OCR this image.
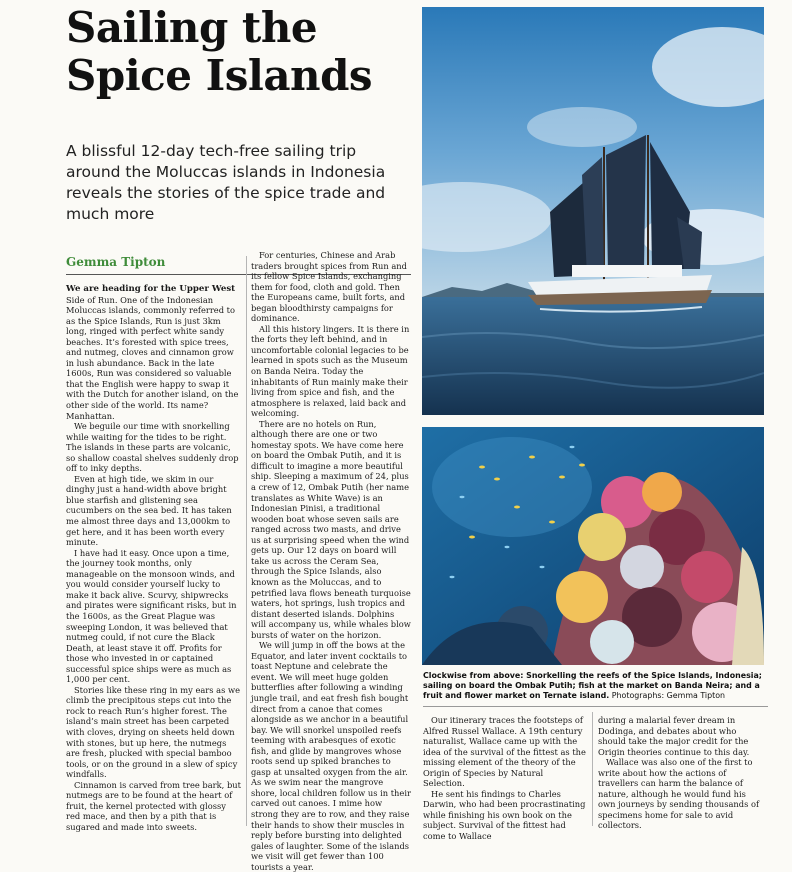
Sailing the
Spice Islands
A blissful 12-day tech-free sailing trip around the Moluccas islands in Indonesia reveals the stories of the spice trade and much more
Gemma Tipton
Clockwise from above: Snorkelling the reefs of the Spice Islands, Indonesia; sailing on board the Ombak Putih; fish at the market on Banda Neira; and a fruit and flower market on Ternate island. Photographs: Gemma Tipton

We are heading for the Upper West Side of Run. One of the Indonesian Moluccas islands, commonly referred to as the Spice Islands, Run is just 3km long, ringed with perfect white sandy beaches. It’s forested with spice trees, and nutmeg, cloves and cinnamon grow in lush abundance. Back in the late 1600s, Run was considered so valuable that the English were happy to swap it with the Dutch for another island, on the other side of the world. Its name? Manhattan.

We beguile our time with snorkelling while waiting for the tides to be right. The islands in these parts are volcanic, so shallow coastal shelves suddenly drop off to inky depths.

Even at high tide, we skim in our dinghy just a hand-width above bright blue starfish and glistening sea cucumbers on the sea bed. It has taken me almost three days and 13,000km to get here, and it has been worth every minute.

I have had it easy. Once upon a time, the journey took months, only manageable on the monsoon winds, and you would consider yourself lucky to make it back alive. Scurvy, shipwrecks and pirates were significant risks, but in the 1600s, as the Great Plague was sweeping London, it was believed that nutmeg could, if not cure the Black Death, at least stave it off. Profits for those who invested in or captained successful spice ships were as much as 1,000 per cent.

Stories like these ring in my ears as we climb the precipitous steps cut into the rock to reach Run’s higher forest. The island’s main street has been carpeted with cloves, drying on sheets held down with stones, but up here, the nutmegs are fresh, plucked with special bamboo tools, or on the ground in a slew of spicy windfalls.

Cinnamon is carved from tree bark, but nutmegs are to be found at the heart of fruit, the kernel protected with glossy red mace, and then by a pith that is sugared and made into sweets.

For centuries, Chinese and Arab traders brought spices from Run and its fellow Spice Islands, exchanging them for food, cloth and gold. Then the Europeans came, built forts, and began bloodthirsty campaigns for dominance.

All this history lingers. It is there in the forts they left behind, and in uncomfortable colonial legacies to be learned in spots such as the Museum on Banda Neira. Today the inhabitants of Run mainly make their living from spice and fish, and the atmosphere is relaxed, laid back and welcoming.

There are no hotels on Run, although there are one or two homestay spots. We have come here on board the Ombak Putih, and it is difficult to imagine a more beautiful ship. Sleeping a maximum of 24, plus a crew of 12, Ombak Putih (her name translates as White Wave) is an Indonesian Pinisi, a traditional wooden boat whose seven sails are ranged across two masts, and drive us at surprising speed when the wind gets up. Our 12 days on board will take us across the Ceram Sea, through the Spice Islands, also known as the Moluccas, and to petrified lava flows beneath turquoise waters, hot springs, lush tropics and distant deserted islands. Dolphins will accompany us, while whales blow bursts of water on the horizon.

We will jump in off the bows at the Equator, and later invent cocktails to toast Neptune and celebrate the event. We will meet huge golden butterflies after following a winding jungle trail, and eat fresh fish bought direct from a canoe that comes alongside as we anchor in a beautiful bay. We will snorkel unspoiled reefs teeming with arabesques of exotic fish, and glide by mangroves whose roots send up spiked branches to gasp at unsalted oxygen from the air. As we swim near the mangrove shore, local children follow us in their carved out canoes. I mime how strong they are to row, and they raise their hands to show their muscles in reply before bursting into delighted gales of laughter. Some of the islands we visit will get fewer than 100 tourists a year.

Our itinerary traces the footsteps of Alfred Russel Wallace. A 19th century naturalist, Wallace came up with the idea of the survival of the fittest as the missing element of the theory of the Origin of Species by Natural Selection.

He sent his findings to Charles Darwin, who had been procrastinating while finishing his own book on the subject. Survival of the fittest had come to Wallace

during a malarial fever dream in Dodinga, and debates about who should take the major credit for the Origin theories continue to this day.

Wallace was also one of the first to write about how the actions of travellers can harm the balance of nature, although he would fund his own journeys by sending thousands of specimens home for sale to avid collectors.
